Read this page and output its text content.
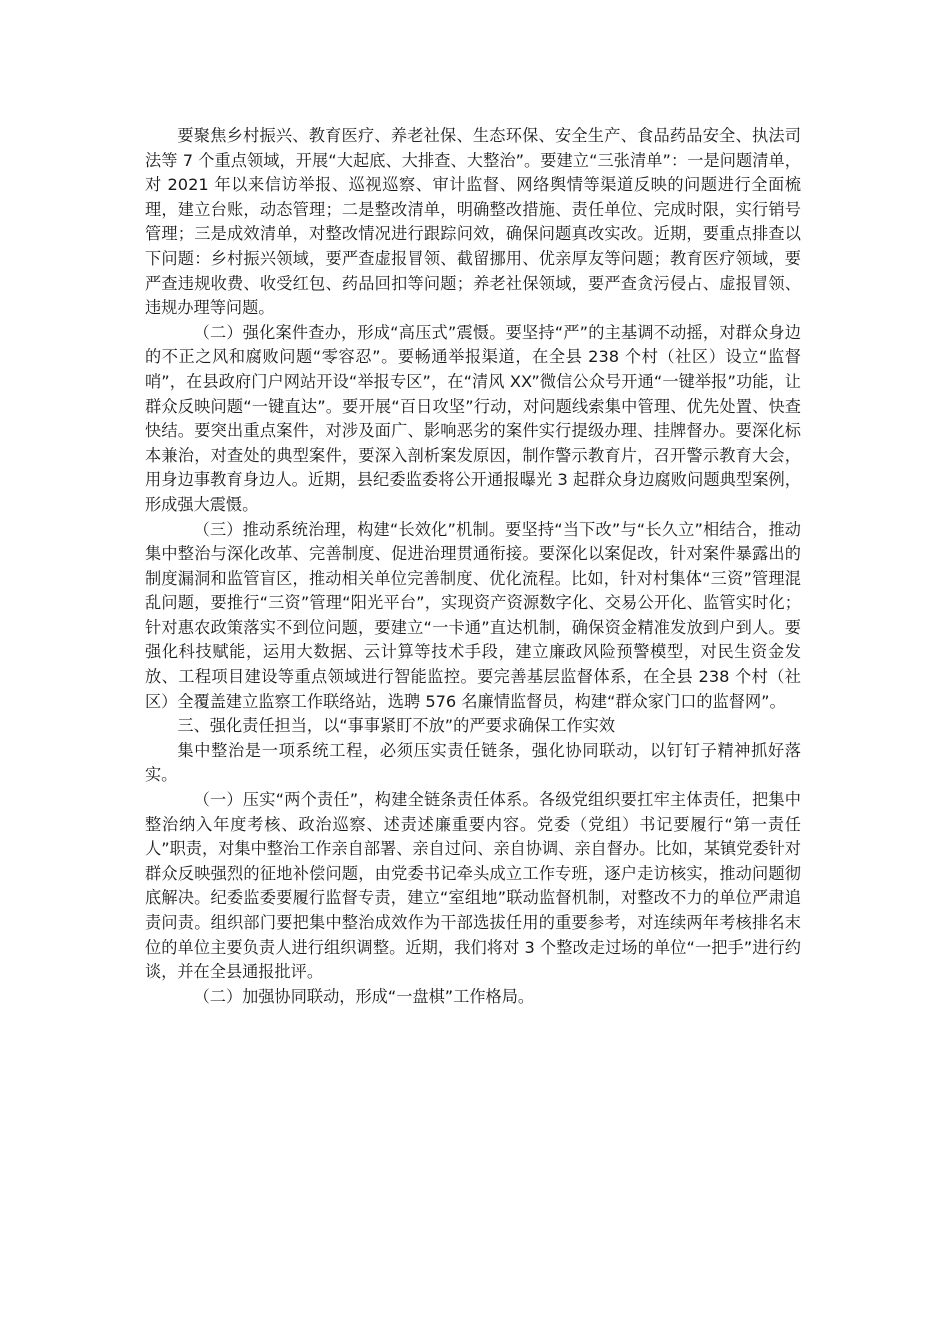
要聚焦乡村振兴、教育医疗、养老社保、生态环保、安全生产、食品药品安全、执法司法等 7 个重点领域，开展“大起底、大排查、大整治”。要建立“三张清单”：一是问题清单，对 2021 年以来信访举报、巡视巡察、审计监督、网络舆情等渠道反映的问题进行全面梳理，建立台账，动态管理；二是整改清单，明确整改措施、责任单位、完成时限，实行销号管理；三是成效清单，对整改情况进行跟踪问效，确保问题真改实改。近期，要重点排查以下问题：乡村振兴领域，要严查虚报冒领、截留挪用、优亲厚友等问题；教育医疗领域，要严查违规收费、收受红包、药品回扣等问题；养老社保领域，要严查贪污侵占、虚报冒领、违规办理等问题。

（二）强化案件查办，形成“高压式”震慑。要坚持“严”的主基调不动摇，对群众身边的不正之风和腐败问题“零容忍”。要畅通举报渠道，在全县 238 个村（社区）设立“监督哨”，在县政府门户网站开设“举报专区”，在“清风 XX”微信公众号开通“一键举报”功能，让群众反映问题“一键直达”。要开展“百日攻坚”行动，对问题线索集中管理、优先处置、快查快结。要突出重点案件，对涉及面广、影响恶劣的案件实行提级办理、挂牌督办。要深化标本兼治，对查处的典型案件，要深入剖析案发原因，制作警示教育片，召开警示教育大会，用身边事教育身边人。近期，县纪委监委将公开通报曝光 3 起群众身边腐败问题典型案例，形成强大震慑。

（三）推动系统治理，构建“长效化”机制。要坚持“当下改”与“长久立”相结合，推动集中整治与深化改革、完善制度、促进治理贯通衔接。要深化以案促改，针对案件暴露出的制度漏洞和监管盲区，推动相关单位完善制度、优化流程。比如，针对村集体“三资”管理混乱问题，要推行“三资”管理“阳光平台”，实现资产资源数字化、交易公开化、监管实时化；针对惠农政策落实不到位问题，要建立“一卡通”直达机制，确保资金精准发放到户到人。要强化科技赋能，运用大数据、云计算等技术手段，建立廉政风险预警模型，对民生资金发放、工程项目建设等重点领域进行智能监控。要完善基层监督体系，在全县 238 个村（社区）全覆盖建立监察工作联络站，选聘 576 名廉情监督员，构建“群众家门口的监督网”。

三、强化责任担当，以“事事紧盯不放”的严要求确保工作实效

集中整治是一项系统工程，必须压实责任链条，强化协同联动，以钉钉子精神抓好落实。

（一）压实“两个责任”，构建全链条责任体系。各级党组织要扛牢主体责任，把集中整治纳入年度考核、政治巡察、述责述廉重要内容。党委（党组）书记要履行“第一责任人”职责，对集中整治工作亲自部署、亲自过问、亲自协调、亲自督办。比如，某镇党委针对群众反映强烈的征地补偿问题，由党委书记牵头成立工作专班，逐户走访核实，推动问题彻底解决。纪委监委要履行监督专责，建立“室组地”联动监督机制，对整改不力的单位严肃追责问责。组织部门要把集中整治成效作为干部选拔任用的重要参考，对连续两年考核排名末位的单位主要负责人进行组织调整。近期，我们将对 3 个整改走过场的单位“一把手”进行约谈，并在全县通报批评。

（二）加强协同联动，形成“一盘棋”工作格局。
